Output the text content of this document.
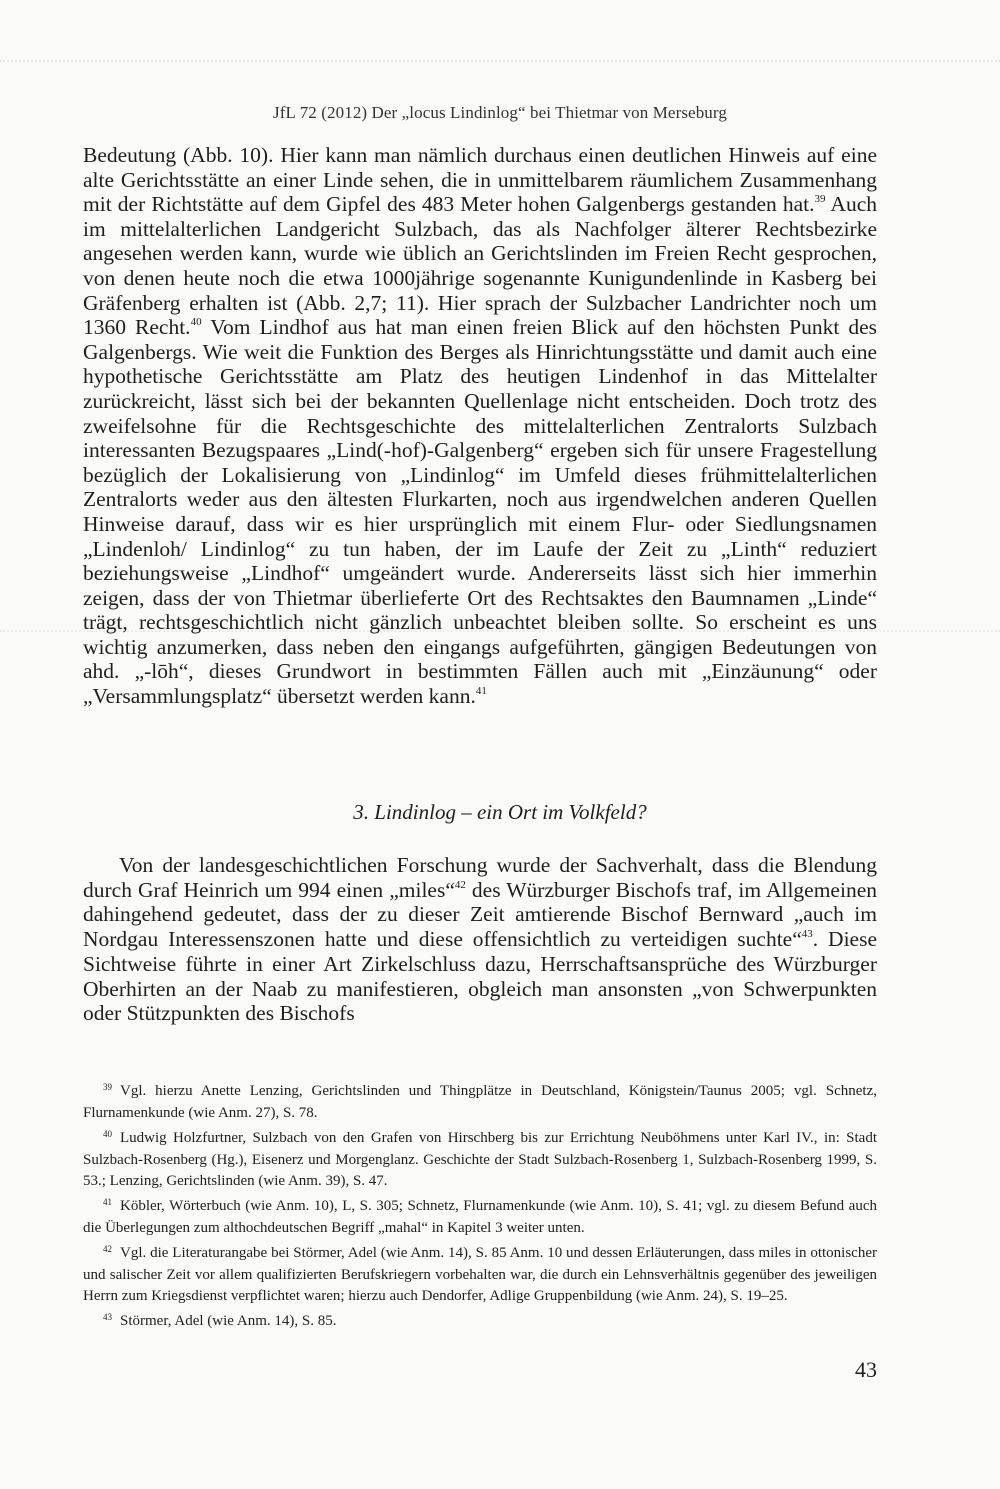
JfL 72 (2012) Der „locus Lindinlog“ bei Thietmar von Merseburg

Bedeutung (Abb. 10). Hier kann man nämlich durchaus einen deutlichen Hinweis auf eine alte Gerichtsstätte an einer Linde sehen, die in unmittelbarem räumlichem Zusammenhang mit der Richtstätte auf dem Gipfel des 483 Meter hohen Galgenbergs gestanden hat.$^{39}$ Auch im mittelalterlichen Landgericht Sulzbach, das als Nachfolger älterer Rechtsbezirke angesehen werden kann, wurde wie üblich an Gerichtslinden im Freien Recht gesprochen, von denen heute noch die etwa 1000jährige sogenannte Kunigundenlinde in Kasberg bei Gräfenberg erhalten ist (Abb. 2,7; 11). Hier sprach der Sulzbacher Landrichter noch um 1360 Recht.$^{40}$ Vom Lindhof aus hat man einen freien Blick auf den höchsten Punkt des Galgenbergs. Wie weit die Funktion des Berges als Hinrichtungsstätte und damit auch eine hypothetische Gerichtsstätte am Platz des heutigen Lindenhof in das Mittelalter zurückreicht, lässt sich bei der bekannten Quellenlage nicht entscheiden. Doch trotz des zweifelsohne für die Rechtsgeschichte des mittelalterlichen Zentralorts Sulzbach interessanten Bezugspaares „Lind(-hof)-Galgenberg“ ergeben sich für unsere Fragestellung bezüglich der Lokalisierung von „Lindinlog“ im Umfeld dieses frühmittelalterlichen Zentralorts weder aus den ältesten Flurkarten, noch aus irgendwelchen anderen Quellen Hinweise darauf, dass wir es hier ursprünglich mit einem Flur- oder Siedlungsnamen „Lindenloh/ Lindinlog“ zu tun haben, der im Laufe der Zeit zu „Linth“ reduziert beziehungsweise „Lindhof“ umgeändert wurde. Andererseits lässt sich hier immerhin zeigen, dass der von Thietmar überlieferte Ort des Rechtsaktes den Baumnamen „Linde“ trägt, rechtsgeschichtlich nicht gänzlich unbeachtet bleiben sollte. So erscheint es uns wichtig anzumerken, dass neben den eingangs aufgeführten, gängigen Bedeutungen von ahd. „-lōh“, dieses Grundwort in bestimmten Fällen auch mit „Einzäunung“ oder „Versammlungsplatz“ übersetzt werden kann.$^{41}$

3. Lindinlog – ein Ort im Volkfeld?

Von der landesgeschichtlichen Forschung wurde der Sachverhalt, dass die Blendung durch Graf Heinrich um 994 einen „miles“$^{42}$ des Würzburger Bischofs traf, im Allgemeinen dahingehend gedeutet, dass der zu dieser Zeit amtierende Bischof Bernward „auch im Nordgau Interessenszonen hatte und diese offensichtlich zu verteidigen suchte“$^{43}$. Diese Sichtweise führte in einer Art Zirkelschluss dazu, Herrschaftsansprüche des Würzburger Oberhirten an der Naab zu manifestieren, obgleich man ansonsten „von Schwerpunkten oder Stützpunkten des Bischofs

$^{39}$ Vgl. hierzu Anette Lenzing, Gerichtslinden und Thingplätze in Deutschland, Königstein/Taunus 2005; vgl. Schnetz, Flurnamenkunde (wie Anm. 27), S. 78.

$^{40}$ Ludwig Holzfurtner, Sulzbach von den Grafen von Hirschberg bis zur Errichtung Neuböhmens unter Karl IV., in: Stadt Sulzbach-Rosenberg (Hg.), Eisenerz und Morgenglanz. Geschichte der Stadt Sulzbach-Rosenberg 1, Sulzbach-Rosenberg 1999, S. 53.; Lenzing, Gerichtslinden (wie Anm. 39), S. 47.

$^{41}$ Köbler, Wörterbuch (wie Anm. 10), L, S. 305; Schnetz, Flurnamenkunde (wie Anm. 10), S. 41; vgl. zu diesem Befund auch die Überlegungen zum althochdeutschen Begriff „mahal“ in Kapitel 3 weiter unten.

$^{42}$ Vgl. die Literaturangabe bei Störmer, Adel (wie Anm. 14), S. 85 Anm. 10 und dessen Erläuterungen, dass miles in ottonischer und salischer Zeit vor allem qualifizierten Berufskriegern vorbehalten war, die durch ein Lehnsverhältnis gegenüber des jeweiligen Herrn zum Kriegsdienst verpflichtet waren; hierzu auch Dendorfer, Adlige Gruppenbildung (wie Anm. 24), S. 19–25.

$^{43}$ Störmer, Adel (wie Anm. 14), S. 85.

43
